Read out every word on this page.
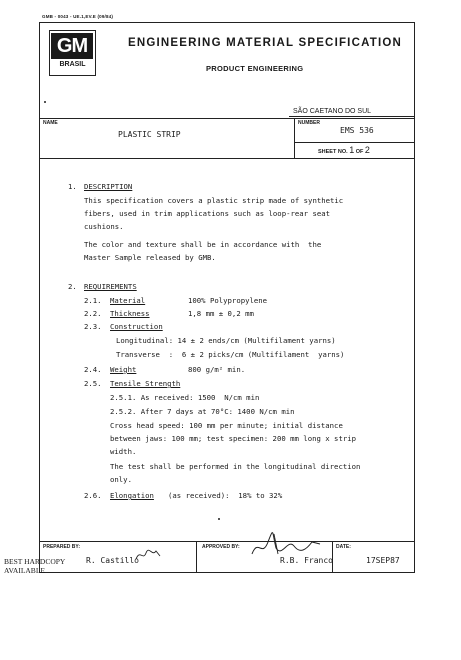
GMB - 0043 - UE.1,EV.E (09/84)
GM
BRASIL
ENGINEERING MATERIAL SPECIFICATION
PRODUCT ENGINEERING
SÃO CAETANO DO SUL
NAME
PLASTIC STRIP
NUMBER
EMS 536
SHEET NO. 1 OF 2
1. DESCRIPTION
This specification covers a plastic strip made of synthetic
fibers, used in trim applications such as loop-rear seat
cushions.
The color and texture shall be in accordance with  the
Master Sample released by GMB.
2. REQUIREMENTS
2.1. Material	100% Polypropylene
2.2. Thickness	1,8 mm ± 0,2 mm
2.3. Construction
Longitudinal: 14 ± 2 ends/cm (Multifilament yarns)
Transverse  :  6 ± 2 picks/cm (Multifilament  yarns)
2.4. Weight	800 g/m² min.
2.5. Tensile Strength
2.5.1. As received: 1500  N/cm min
2.5.2. After 7 days at 70°C: 1400 N/cm min
Cross head speed: 100 mm per minute; initial distance
between jaws: 100 mm; test specimen: 200 mm long x strip
width.
The test shall be performed in the longitudinal direction
only.
2.6. Elongation (as received):  18% to 32%
PREPARED BY:
R. Castillo
APPROVED BY:
R.B. Franco
DATE:
17SEP87
BEST HARDCOPY
AVAILABLE
